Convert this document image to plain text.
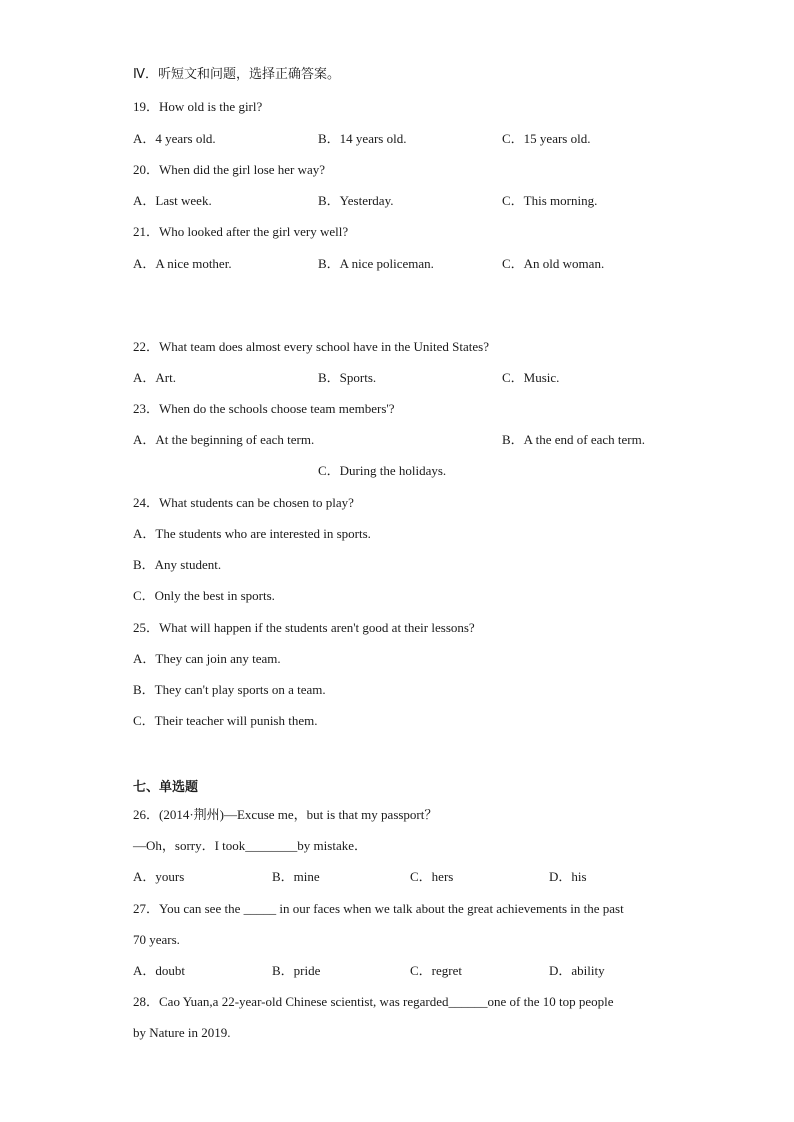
Ⅳ．听短文和问题，选择正确答案。
19．How old is the girl?
A．4 years old.	B．14 years old.	C．15 years old.
20．When did the girl lose her way?
A．Last week.	B．Yesterday.	C．This morning.
21．Who looked after the girl very well?
A．A nice mother.	B．A nice policeman.	C．An old woman.
22．What team does almost every school have in the United States?
A．Art.	B．Sports.	C．Music.
23．When do the schools choose team members'?
A．At the beginning of each term.	B．A the end of each term.
C．During the holidays.
24．What students can be chosen to play?
A．The students who are interested in sports.
B．Any student.
C．Only the best in sports.
25．What will happen if the students aren't good at their lessons?
A．They can join any team.
B．They can't play sports on a team.
C．Their teacher will punish them.
七、单选题
26．(2014·荆州)—Excuse me，but is that my passport？
—Oh，sorry．I took________by mistake．
A．yours	B．mine	C．hers	D．his
27．You can see the _____ in our faces when we talk about the great achievements in the past
70 years.
A．doubt	B．pride	C．regret	D．ability
28．Cao Yuan,a 22-year-old Chinese scientist, was regarded______one of the 10 top people
by Nature in 2019.
